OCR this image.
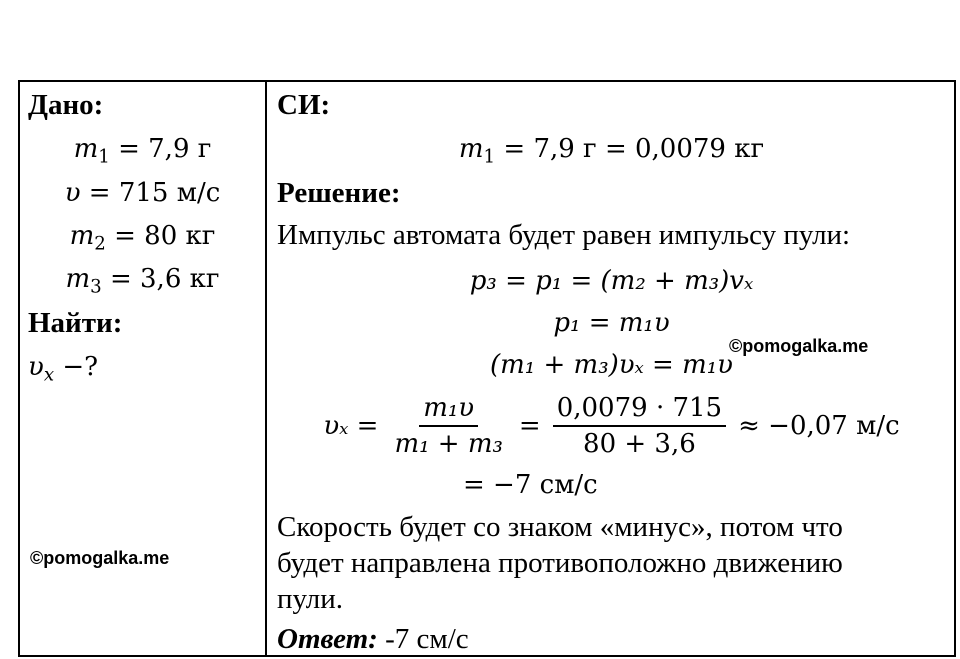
Дано:
$m_1 = 7,9$ г
υ = 715 м/с
$m_2 = 80$ кг
$m_3 = 3,6$ кг
Найти:
$\upsilon_x$ −?
©pomogalka.me
СИ:
$m_1 = 7,9$ г = 0,0079 кг
Решение:
Импульс автомата будет равен импульсу пули:
p₃ = p₁ = (m₂ + m₃)vₓ
p₁ = m₁υ
(m₁ + m₃)υₓ = m₁υ
©pomogalka.me
$\upsilon_x = \frac{\text{m₁υ}}{\text{m₁ + m₃}} = \frac{0,0079 \cdot 715}{80 + 3,6} \approx -0,07$ м/с
= −7 см/с
Скорость будет со знаком «минус», потом что
будет направлена противоположно движению
пули.
Ответ: -7 см/с
